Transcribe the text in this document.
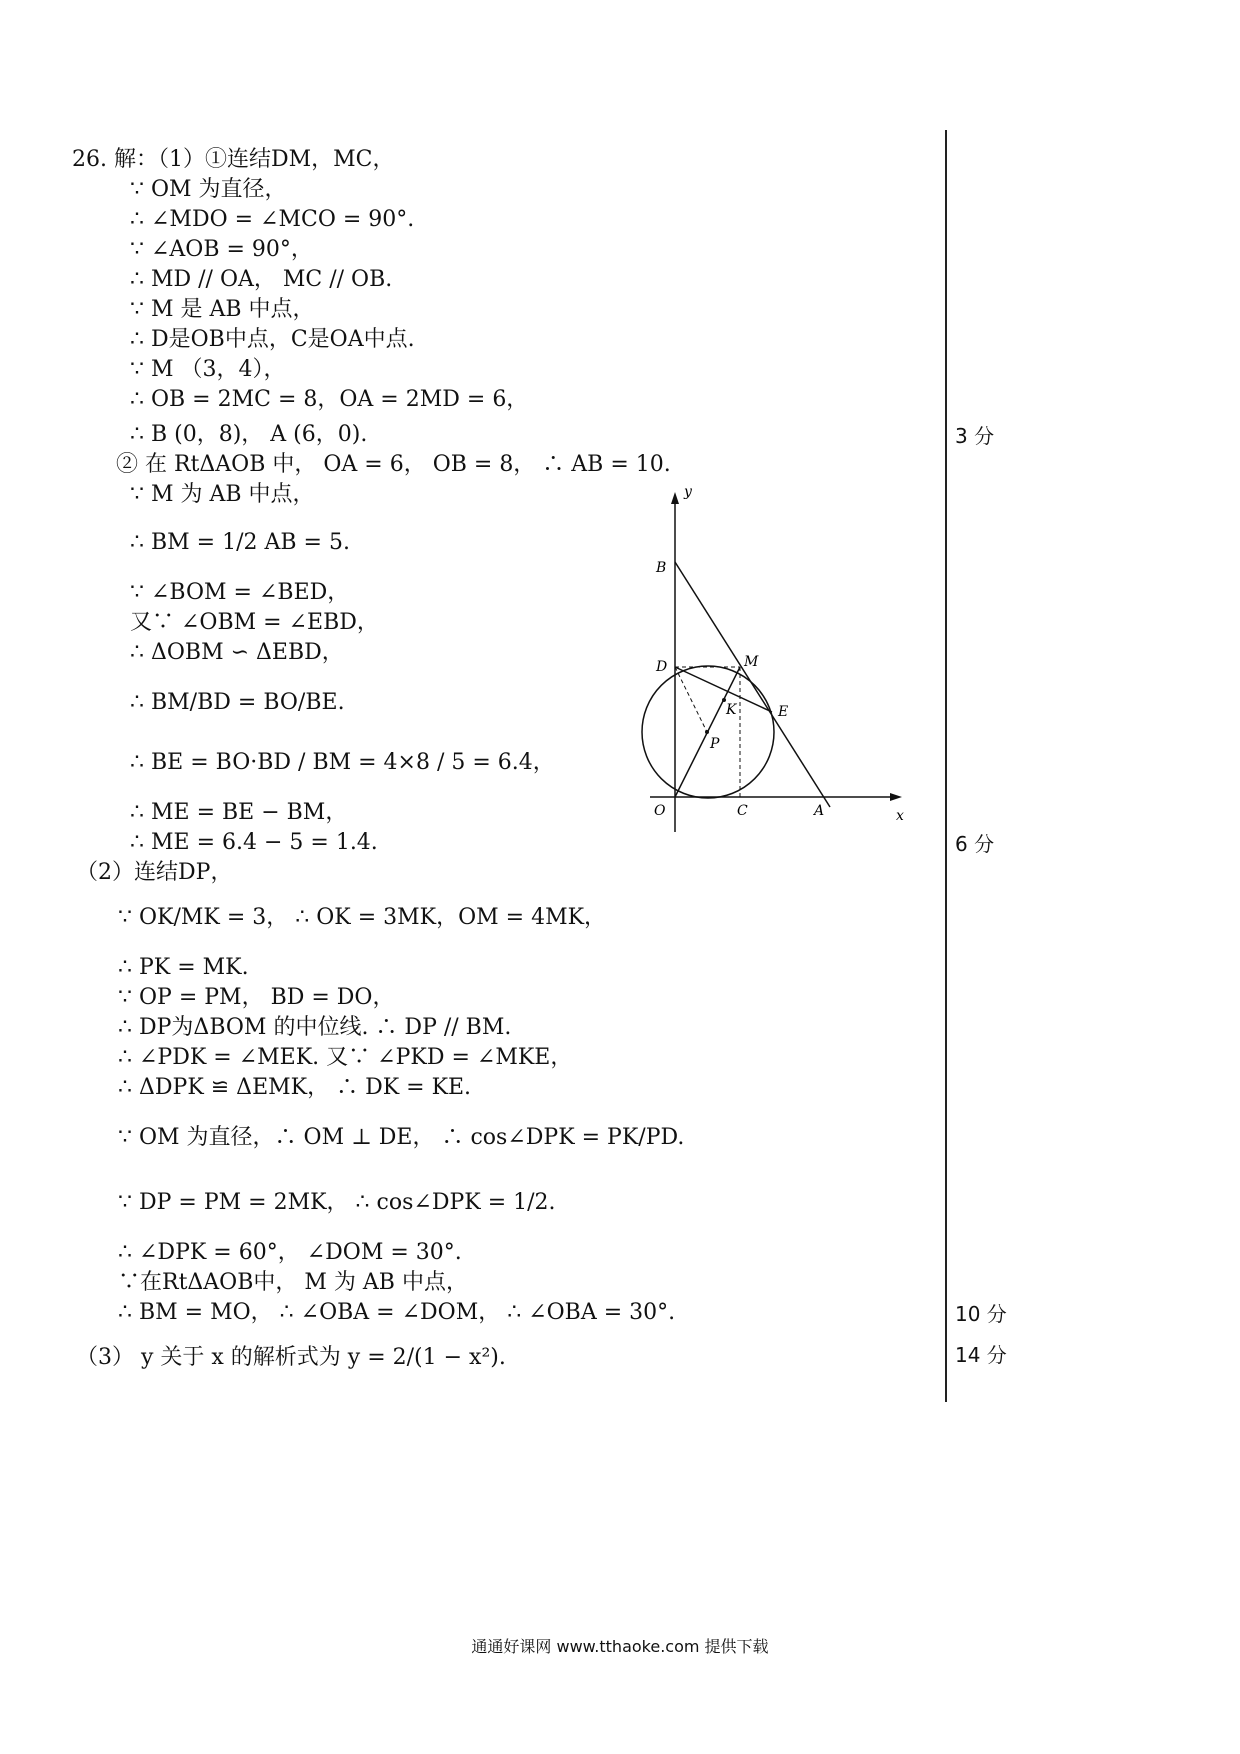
26. 解：（1）①连结DM，MC，
∵ OM 为直径，
∴ ∠MDO = ∠MCO = 90°.
∵ ∠AOB = 90°，
∴ MD // OA， MC // OB.
∵ M 是 AB 中点，
∴ D是OB中点，C是OA中点.
∵ M （3，4），
∴ OB = 2MC = 8，OA = 2MD = 6，
∴ B (0，8)， A (6，0).
② 在 RtΔAOB 中， OA = 6， OB = 8， ∴ AB = 10.
∵ M 为 AB 中点，
∴ BM = 1/2 AB = 5.
∵ ∠BOM = ∠BED，
又∵ ∠OBM = ∠EBD，
∴ ΔOBM ∽ ΔEBD，
∴ BM/BD = BO/BE.
∴ BE = BO·BD / BM = 4×8 / 5 = 6.4，
∴ ME = BE − BM，
∴ ME = 6.4 − 5 = 1.4.
（2）连结DP，
∵ OK/MK = 3， ∴ OK = 3MK，OM = 4MK，
∴ PK = MK.
∵ OP = PM， BD = DO，
∴ DP为ΔBOM 的中位线. ∴ DP // BM.
∴ ∠PDK = ∠MEK. 又∵ ∠PKD = ∠MKE，
∴ ΔDPK ≌ ΔEMK， ∴ DK = KE.
∵ OM 为直径，∴ OM ⊥ DE， ∴ cos∠DPK = PK/PD.
∵ DP = PM = 2MK， ∴ cos∠DPK = 1/2.
∴ ∠DPK = 60°， ∠DOM = 30°.
∵在RtΔAOB中， M 为 AB 中点，
∴ BM = MO， ∴ ∠OBA = ∠DOM， ∴ ∠OBA = 30°.
（3） y 关于 x 的解析式为 y = 2/(1 − x²).
3 分
6 分
10 分
14 分
y
x
B
D	M
K	E
P
O	C	A
通通好课网 www.tthaoke.com 提供下载
